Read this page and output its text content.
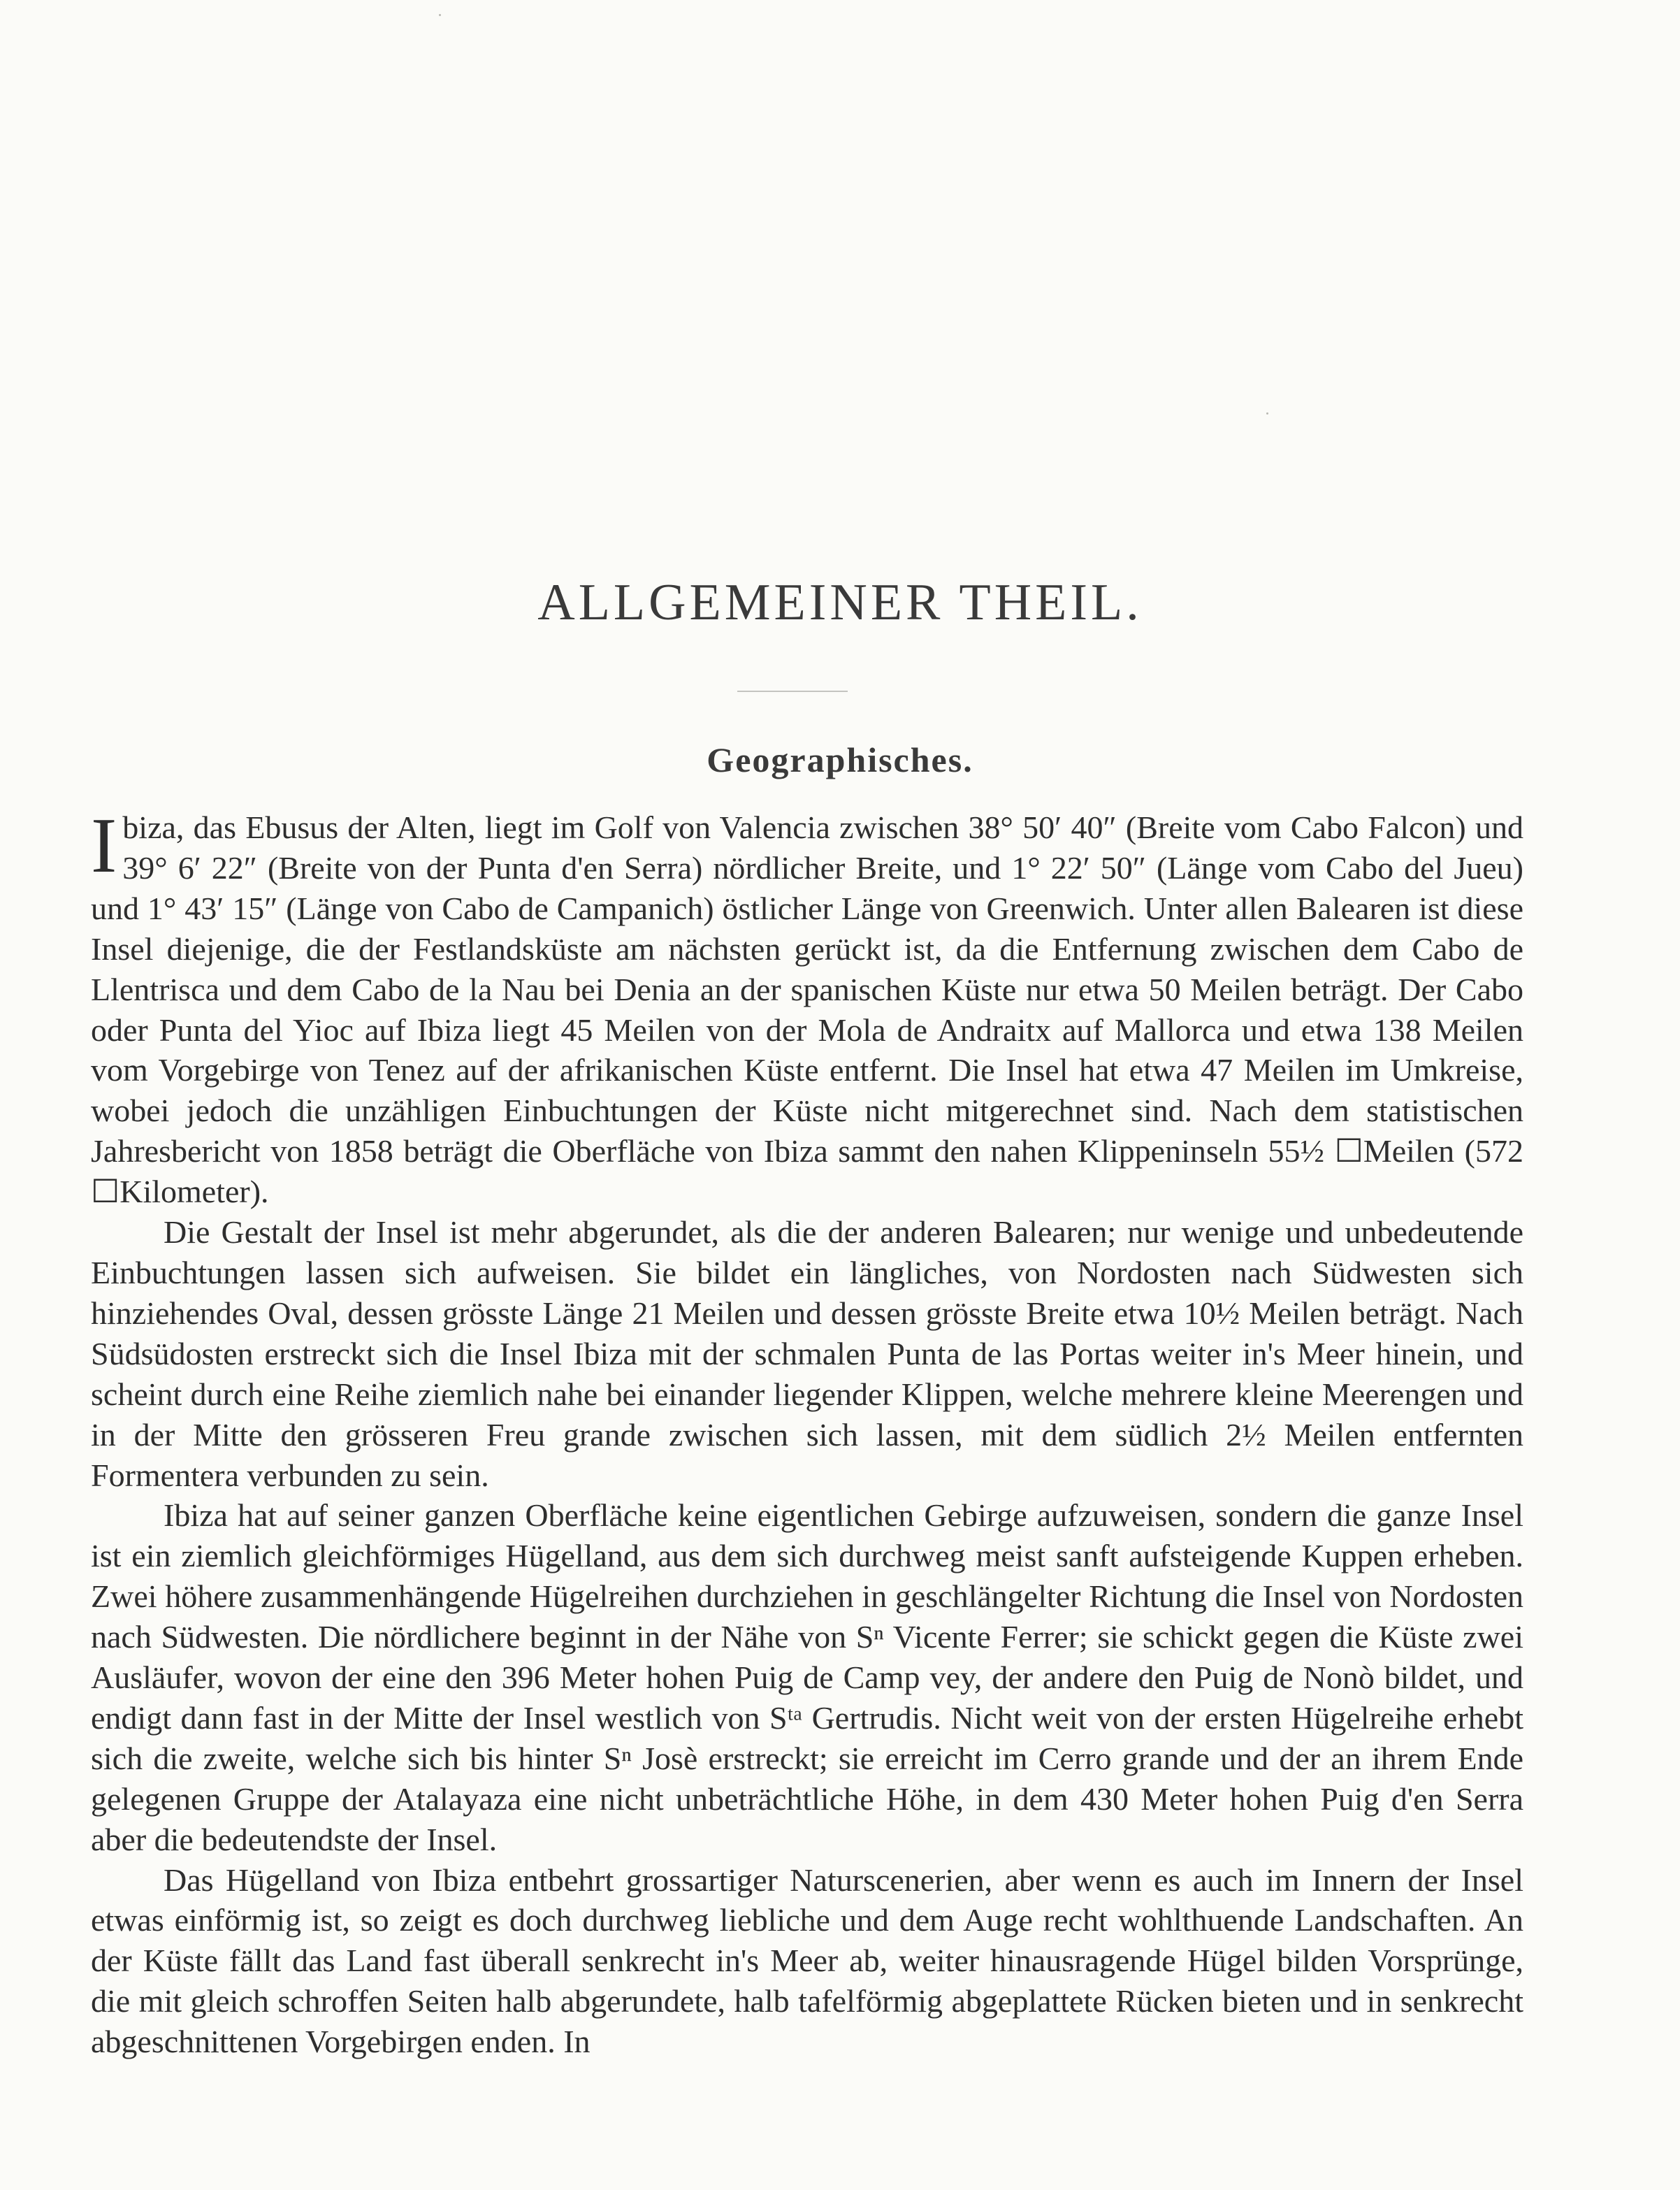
ALLGEMEINER THEIL.
Geographisches.

Ibiza, das Ebusus der Alten, liegt im Golf von Valencia zwischen 38° 50′ 40″ (Breite vom Cabo Falcon) und 39° 6′ 22″ (Breite von der Punta d'en Serra) nördlicher Breite, und 1° 22′ 50″ (Länge vom Cabo del Jueu) und 1° 43′ 15″ (Länge von Cabo de Campanich) östlicher Länge von Greenwich. Unter allen Balearen ist diese Insel diejenige, die der Festlandsküste am nächsten gerückt ist, da die Entfernung zwischen dem Cabo de Llentrisca und dem Cabo de la Nau bei Denia an der spanischen Küste nur etwa 50 Meilen beträgt. Der Cabo oder Punta del Yioc auf Ibiza liegt 45 Meilen von der Mola de Andraitx auf Mallorca und etwa 138 Meilen vom Vorgebirge von Tenez auf der afrikanischen Küste entfernt. Die Insel hat etwa 47 Meilen im Umkreise, wobei jedoch die unzähligen Einbuchtungen der Küste nicht mitgerechnet sind. Nach dem statistischen Jahresbericht von 1858 beträgt die Oberfläche von Ibiza sammt den nahen Klippeninseln 55½ ☐Meilen (572 ☐Kilometer).

Die Gestalt der Insel ist mehr abgerundet, als die der anderen Balearen; nur wenige und unbedeutende Einbuchtungen lassen sich aufweisen. Sie bildet ein längliches, von Nordosten nach Südwesten sich hinziehendes Oval, dessen grösste Länge 21 Meilen und dessen grösste Breite etwa 10½ Meilen beträgt. Nach Südsüdosten erstreckt sich die Insel Ibiza mit der schmalen Punta de las Portas weiter in's Meer hinein, und scheint durch eine Reihe ziemlich nahe bei einander liegender Klippen, welche mehrere kleine Meerengen und in der Mitte den grösseren Freu grande zwischen sich lassen, mit dem südlich 2½ Meilen entfernten Formentera verbunden zu sein.

Ibiza hat auf seiner ganzen Oberfläche keine eigentlichen Gebirge aufzuweisen, sondern die ganze Insel ist ein ziemlich gleichförmiges Hügelland, aus dem sich durchweg meist sanft aufsteigende Kuppen erheben. Zwei höhere zusammenhängende Hügelreihen durchziehen in geschlängelter Richtung die Insel von Nordosten nach Südwesten. Die nördlichere beginnt in der Nähe von Sⁿ Vicente Ferrer; sie schickt gegen die Küste zwei Ausläufer, wovon der eine den 396 Meter hohen Puig de Camp vey, der andere den Puig de Nonò bildet, und endigt dann fast in der Mitte der Insel westlich von Sᵗᵃ Gertrudis. Nicht weit von der ersten Hügelreihe erhebt sich die zweite, welche sich bis hinter Sⁿ Josè erstreckt; sie erreicht im Cerro grande und der an ihrem Ende gelegenen Gruppe der Atalayaza eine nicht unbeträchtliche Höhe, in dem 430 Meter hohen Puig d'en Serra aber die bedeutendste der Insel.

Das Hügelland von Ibiza entbehrt grossartiger Naturscenerien, aber wenn es auch im Innern der Insel etwas einförmig ist, so zeigt es doch durchweg liebliche und dem Auge recht wohlthuende Landschaften. An der Küste fällt das Land fast überall senkrecht in's Meer ab, weiter hinausragende Hügel bilden Vorsprünge, die mit gleich schroffen Seiten halb abgerundete, halb tafelförmig abgeplattete Rücken bieten und in senkrecht abgeschnittenen Vorgebirgen enden. In
